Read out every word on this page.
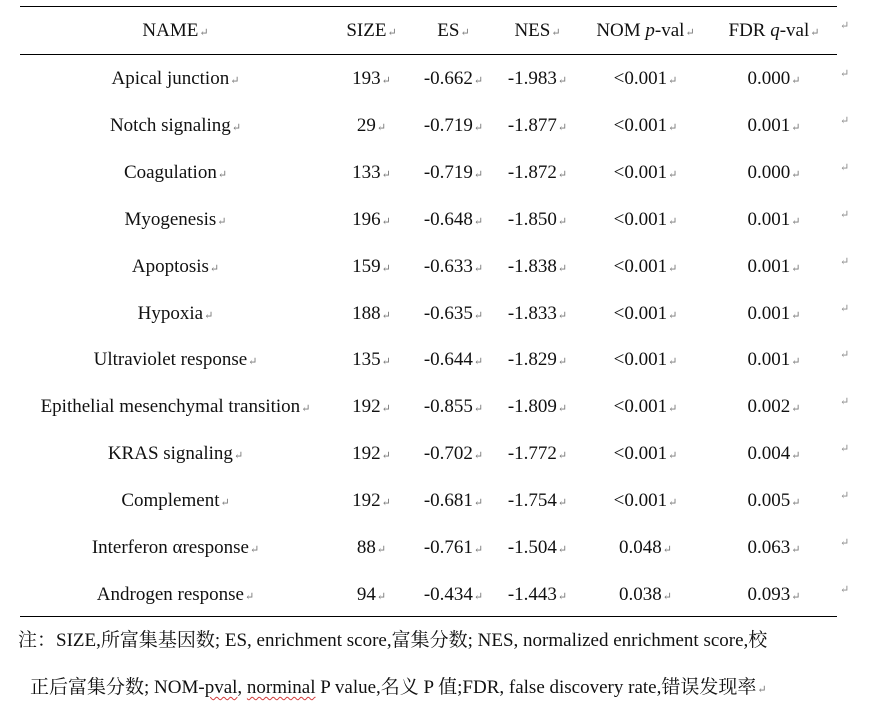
NAME↵	SIZE↵	ES↵	NES↵	NOM p-val↵	FDR q-val↵
↵
Apical junction↵	193↵	-0.662↵	-1.983↵	<0.001↵	0.000↵
↵
Notch signaling↵	29↵	-0.719↵	-1.877↵	<0.001↵	0.001↵
↵
Coagulation↵	133↵	-0.719↵	-1.872↵	<0.001↵	0.000↵
↵
Myogenesis↵	196↵	-0.648↵	-1.850↵	<0.001↵	0.001↵
↵
Apoptosis↵	159↵	-0.633↵	-1.838↵	<0.001↵	0.001↵
↵
Hypoxia↵	188↵	-0.635↵	-1.833↵	<0.001↵	0.001↵
↵
Ultraviolet response↵	135↵	-0.644↵	-1.829↵	<0.001↵	0.001↵
↵
Epithelial mesenchymal transition↵	192↵	-0.855↵	-1.809↵	<0.001↵	0.002↵
↵
KRAS signaling↵	192↵	-0.702↵	-1.772↵	<0.001↵	0.004↵
↵
Complement↵	192↵	-0.681↵	-1.754↵	<0.001↵	0.005↵
↵
Interferon αresponse↵	88↵	-0.761↵	-1.504↵	0.048↵	0.063↵
↵
Androgen response↵	94↵	-0.434↵	-1.443↵	0.038↵	0.093↵
↵
注：SIZE,所富集基因数; ES, enrichment score,富集分数; NES, normalized enrichment score,校
正后富集分数; NOM-pval, norminal P value,名义 P 值;FDR, false discovery rate,错误发现率↵
